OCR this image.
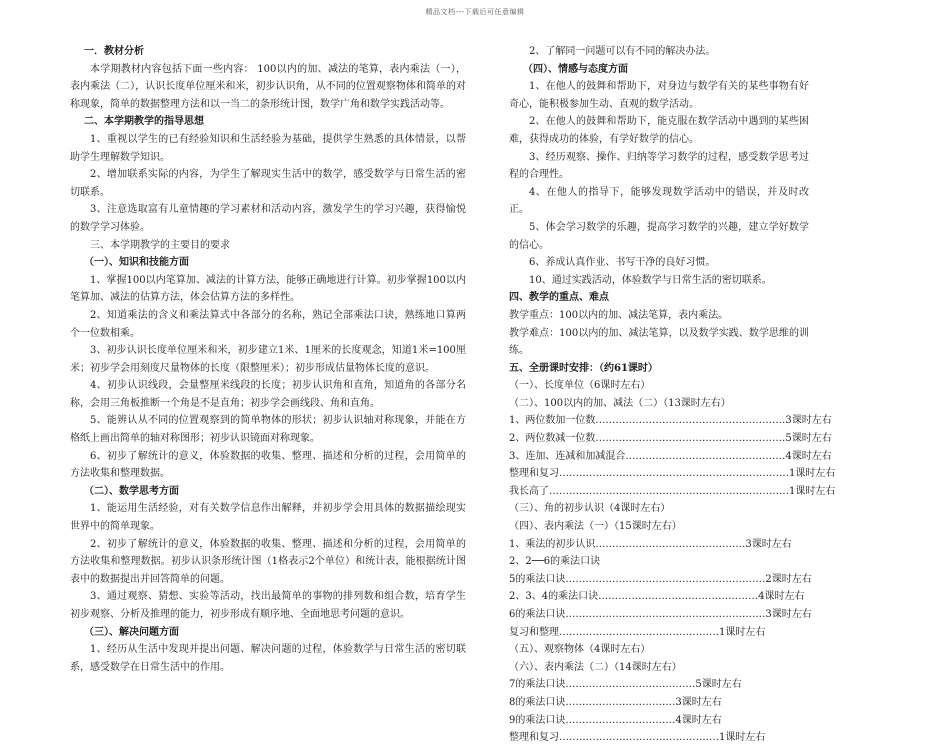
精品文档---下载后可任意编辑
一．教材分析
本学期教材内容包括下面一些内容： 100以内的加、减法的笔算，表内乘法（一），表内乘法（二），认识长度单位厘米和米，初步认识角，从不同的位置观察物体和简单的对称现象，简单的数据整理方法和以一当二的条形统计图，数学广角和数学实践活动等。
二、本学期教学的指导思想
1、重视以学生的已有经验知识和生活经验为基础，提供学生熟悉的具体情景，以帮助学生理解数学知识。
2、增加联系实际的内容，为学生了解现实生活中的数学，感受数学与日常生活的密切联系。
3、注意选取富有儿童情趣的学习素材和活动内容，激发学生的学习兴趣，获得愉悦的数学学习体验。
三、本学期教学的主要目的要求
（一）、知识和技能方面
1、掌握100以内笔算加、减法的计算方法，能够正确地进行计算。初步掌握100以内笔算加、减法的估算方法，体会估算方法的多样性。
2、知道乘法的含义和乘法算式中各部分的名称，熟记全部乘法口诀，熟练地口算两个一位数相乘。
3、初步认识长度单位厘米和米，初步建立1米、1厘米的长度观念，知道1米=100厘米；初步学会用刻度尺量物体的长度（限整厘米）；初步形成估量物体长度的意识。
4、初步认识线段，会量整厘米线段的长度；初步认识角和直角，知道角的各部分名称，会用三角板推断一个角是不是直角；初步学会画线段、角和直角。
5、能辨认从不同的位置观察到的简单物体的形状；初步认识轴对称现象，并能在方格纸上画出简单的轴对称图形；初步认识镜面对称现象。
6、初步了解统计的意义，体验数据的收集、整理、描述和分析的过程，会用简单的方法收集和整理数据。
（二）、数学思考方面
1、能运用生活经验，对有关数学信息作出解释，并初步学会用具体的数据描绘现实世界中的简单现象。
2、初步了解统计的意义，体验数据的收集、整理、描述和分析的过程，会用简单的方法收集和整理数据。初步认识条形统计图（1格表示2个单位）和统计表，能根据统计图表中的数据提出并回答简单的问题。
3、通过观察、猜想、实验等活动，找出最简单的事物的排列数和组合数，培育学生初步观察、分析及推理的能力，初步形成有顺序地、全面地思考问题的意识。
（三）、解决问题方面
1、经历从生活中发现并提出问题、解决问题的过程，体验数学与日常生活的密切联系，感受数学在日常生活中的作用。
2、了解同一问题可以有不同的解决办法。
（四）、情感与态度方面
1、在他人的鼓舞和帮助下，对身边与数学有关的某些事物有好奇心，能积极参加生动、直观的数学活动。
2、在他人的鼓舞和帮助下，能克服在数学活动中遇到的某些困难，获得成功的体验，有学好数学的信心。
3、经历观察、操作、归纳等学习数学的过程，感受数学思考过程的合理性。
4、在他人的指导下，能够发现数学活动中的错误，并及时改正。
5、体会学习数学的乐趣，提高学习数学的兴趣，建立学好数学的信心。
6、养成认真作业、书写干净的良好习惯。
10、通过实践活动，体验数学与日常生活的密切联系。
四、教学的重点、难点
教学重点：100以内的加、减法笔算，表内乘法。
教学难点：100以内的加、减法笔算，以及数学实践、数学思维的训练。
五、全册课时安排：（约61课时）
（一）、长度单位（6课时左右）
（二）、100以内的加、减法（二）（13课时左右）
1、两位数加一位数…………………………………………………3课时左右
2、两位数减一位数…………………………………………………5课时左右
3、连加、连减和加减混合…………………………………………4课时左右
整理和复习……………………………………………………………1课时左右
我长高了………………………………………………………………1课时左右
（三）、角的初步认识（4课时左右）
（四）、表内乘法（一）（15课时左右）
1、乘法的初步认识………………………………………3课时左右
2、2──6的乘法口诀
5的乘法口诀……………………………………………………2课时左右
2、3、4的乘法口诀…………………………………………4课时左右
6的乘法口诀……………………………………………………3课时左右
复习和整理…………………………………………1课时左右
（五）、观察物体（4课时左右）
（六）、表内乘法（二）（14课时左右）
7的乘法口诀…………………………………5课时左右
8的乘法口诀……………………………3课时左右
9的乘法口诀……………………………4课时左右
整理和复习…………………………………………1课时左右
